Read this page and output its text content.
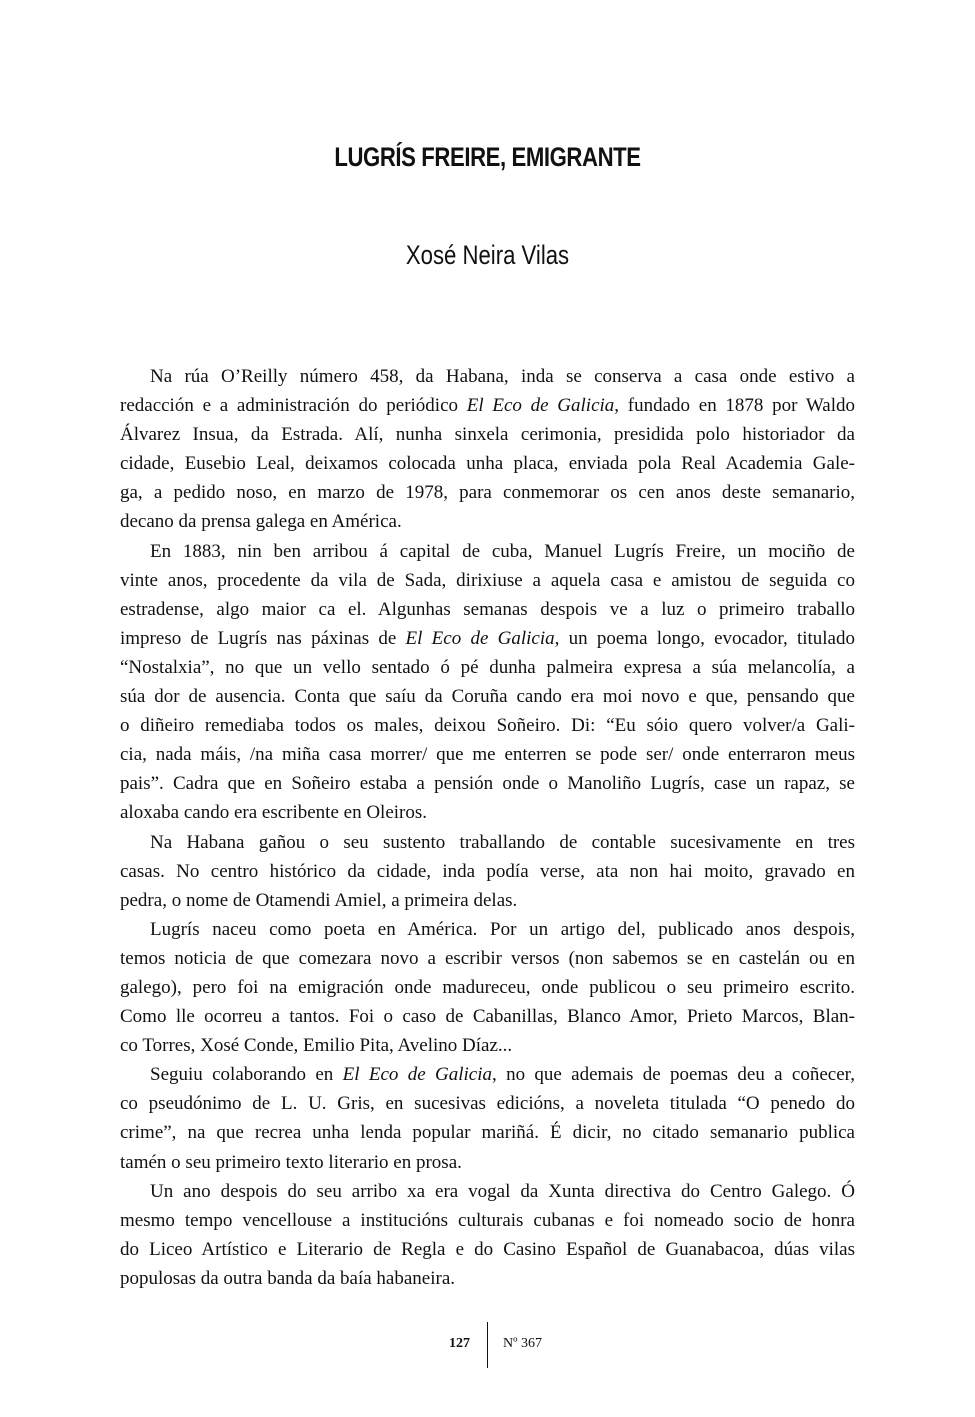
LUGRÍS FREIRE, EMIGRANTE
Xosé Neira Vilas
Na rúa O’Reilly número 458, da Habana, inda se conserva a casa onde estivo a
redacción e a administración do periódico El Eco de Galicia, fundado en 1878 por Waldo
Álvarez Insua, da Estrada. Alí, nunha sinxela cerimonia, presidida polo historiador da
cidade, Eusebio Leal, deixamos colocada unha placa, enviada pola Real Academia Gale-
ga, a pedido noso, en marzo de 1978, para conmemorar os cen anos deste semanario,
decano da prensa galega en América.
En 1883, nin ben arribou á capital de cuba, Manuel Lugrís Freire, un mociño de
vinte anos, procedente da vila de Sada, dirixiuse a aquela casa e amistou de seguida co
estradense, algo maior ca el. Algunhas semanas despois ve a luz o primeiro traballo
impreso de Lugrís nas páxinas de El Eco de Galicia, un poema longo, evocador, titulado
“Nostalxia”, no que un vello sentado ó pé dunha palmeira expresa a súa melancolía, a
súa dor de ausencia. Conta que saíu da Coruña cando era moi novo e que, pensando que
o diñeiro remediaba todos os males, deixou Soñeiro. Di: “Eu sóio quero volver/a Gali-
cia, nada máis, /na miña casa morrer/ que me enterren se pode ser/ onde enterraron meus
pais”. Cadra que en Soñeiro estaba a pensión onde o Manoliño Lugrís, case un rapaz, se
aloxaba cando era escribente en Oleiros.
Na Habana gañou o seu sustento traballando de contable sucesivamente en tres
casas. No centro histórico da cidade, inda podía verse, ata non hai moito, gravado en
pedra, o nome de Otamendi Amiel, a primeira delas.
Lugrís naceu como poeta en América. Por un artigo del, publicado anos despois,
temos noticia de que comezara novo a escribir versos (non sabemos se en castelán ou en
galego), pero foi na emigración onde madureceu, onde publicou o seu primeiro escrito.
Como lle ocorreu a tantos. Foi o caso de Cabanillas, Blanco Amor, Prieto Marcos, Blan-
co Torres, Xosé Conde, Emilio Pita, Avelino Díaz...
Seguiu colaborando en El Eco de Galicia, no que ademais de poemas deu a coñecer,
co pseudónimo de L. U. Gris, en sucesivas edicións, a noveleta titulada “O penedo do
crime”, na que recrea unha lenda popular mariñá. É dicir, no citado semanario publica
tamén o seu primeiro texto literario en prosa.
Un ano despois do seu arribo xa era vogal da Xunta directiva do Centro Galego. Ó
mesmo tempo vencellouse a institucións culturais cubanas e foi nomeado socio de honra
do Liceo Artístico e Literario de Regla e do Casino Español de Guanabacoa, dúas vilas
populosas da outra banda da baía habaneira.
127 Nº 367
